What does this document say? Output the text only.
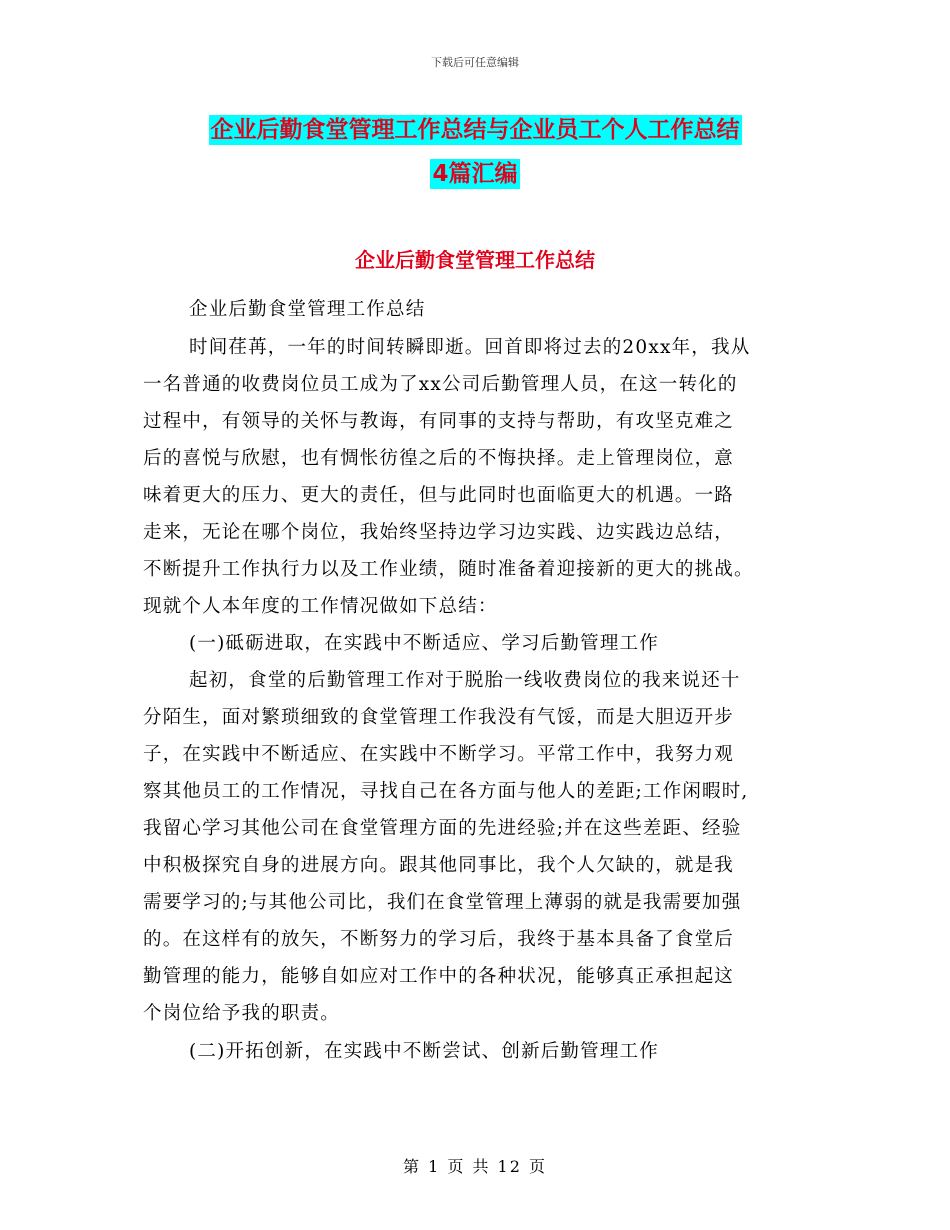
下载后可任意编辑
企业后勤食堂管理工作总结与企业员工个人工作总结
4篇汇编
企业后勤食堂管理工作总结
企业后勤食堂管理工作总结
时间荏苒，一年的时间转瞬即逝。回首即将过去的20xx年，我从
一名普通的收费岗位员工成为了xx公司后勤管理人员，在这一转化的
过程中，有领导的关怀与教诲，有同事的支持与帮助，有攻坚克难之
后的喜悦与欣慰，也有惆怅彷徨之后的不悔抉择。走上管理岗位，意
味着更大的压力、更大的责任，但与此同时也面临更大的机遇。一路
走来，无论在哪个岗位，我始终坚持边学习边实践、边实践边总结，
不断提升工作执行力以及工作业绩，随时准备着迎接新的更大的挑战。
现就个人本年度的工作情况做如下总结：
(一)砥砺进取，在实践中不断适应、学习后勤管理工作
起初，食堂的后勤管理工作对于脱胎一线收费岗位的我来说还十
分陌生，面对繁琐细致的食堂管理工作我没有气馁，而是大胆迈开步
子，在实践中不断适应、在实践中不断学习。平常工作中，我努力观
察其他员工的工作情况，寻找自己在各方面与他人的差距;工作闲暇时,
我留心学习其他公司在食堂管理方面的先进经验;并在这些差距、经验
中积极探究自身的进展方向。跟其他同事比，我个人欠缺的，就是我
需要学习的;与其他公司比，我们在食堂管理上薄弱的就是我需要加强
的。在这样有的放矢，不断努力的学习后，我终于基本具备了食堂后
勤管理的能力，能够自如应对工作中的各种状况，能够真正承担起这
个岗位给予我的职责。
(二)开拓创新，在实践中不断尝试、创新后勤管理工作
第 1 页 共 12 页
